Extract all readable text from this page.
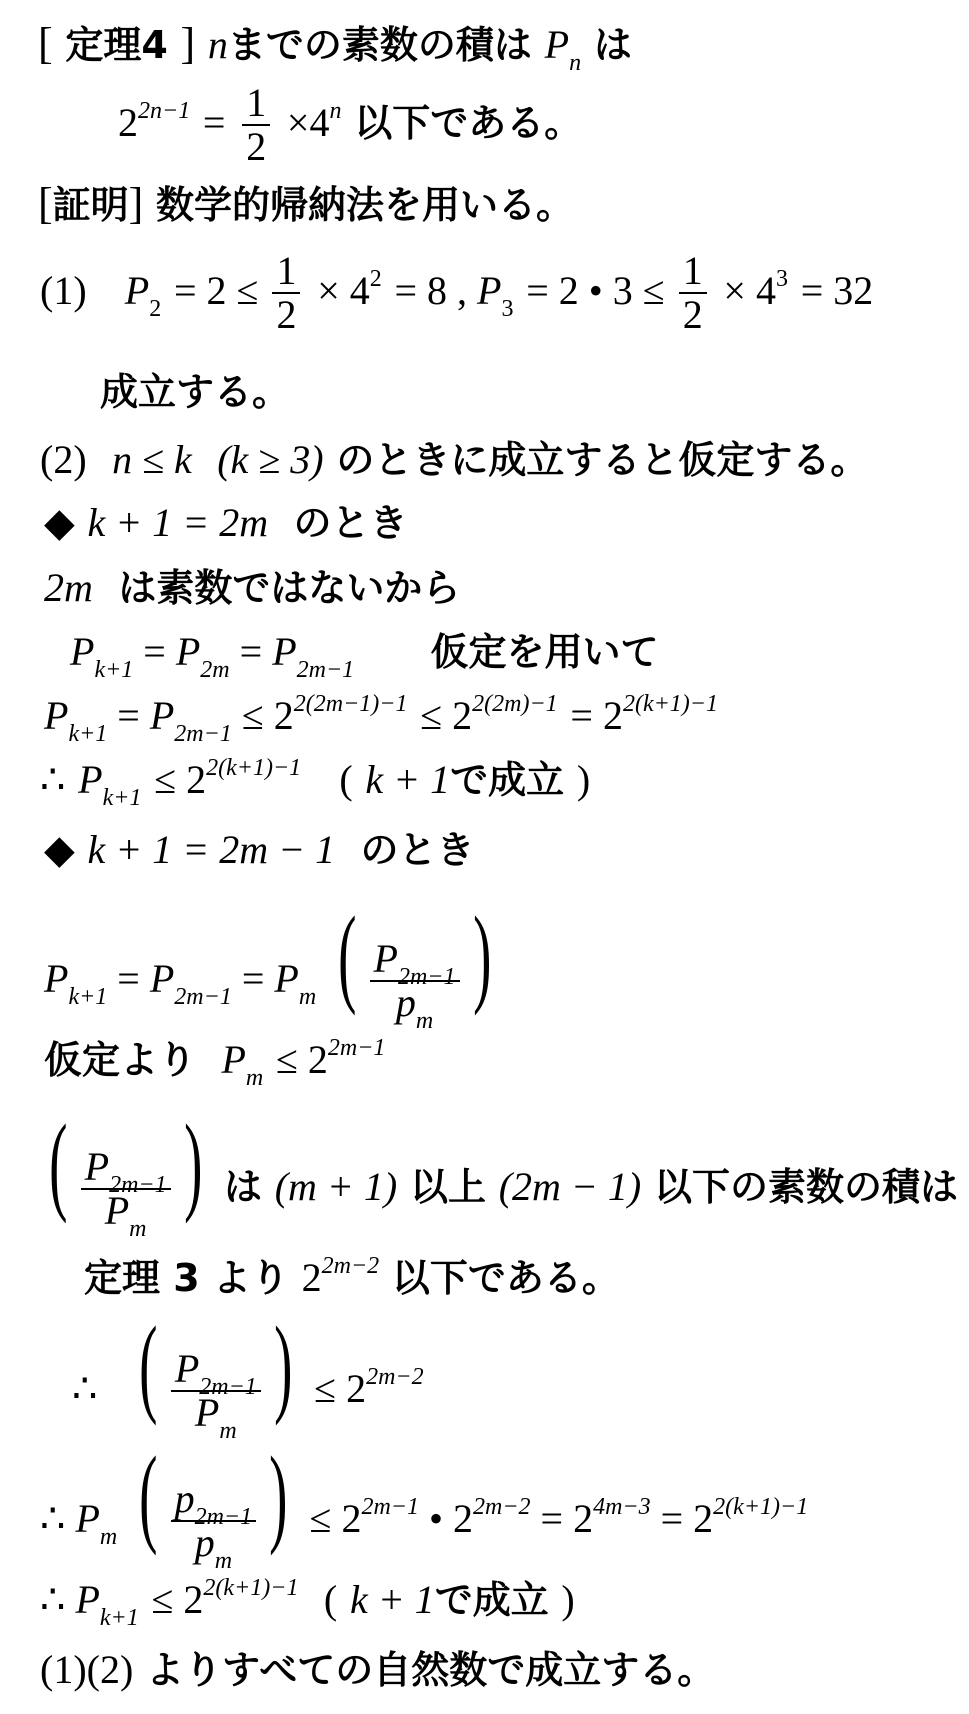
[ 定理4 ] nまでの素数の積は $P_n$ は
$2^{2n-1} = \frac{1}{2} \times 4^n$ 以下である。
[証明] 数学的帰納法を用いる。
(1) $P_2 = 2 \le \frac{1}{2} \times 4^2 = 8$ , $P_3 = 2$ • $3 \le \frac{1}{2} \times 4^3 = 32$
成立する。
(2) n ≤ k (k ≥ 3) のときに成立すると仮定する。
◆ k + 1 = 2m のとき
2m は素数ではないから
$P_{k+1} = P_{2m} = P_{2m-1}$ 仮定を用いて
$P_{k+1} = P_{2m-1} \le 2^{2(2m-1)-1} \le 2^{2(2m)-1} = 2^{2(k+1)-1}$
∴ $P_{k+1} \le 2^{2(k+1)-1}$ ( k + 1で成立 )
◆ k + 1 = 2m − 1 のとき
$P_{k+1} = P_{2m-1} = P_m$ ( $\frac{P_{2m-1}}{p_m}$ )
仮定より $P_m \le 2^{2m-1}$
( $\frac{P_{2m-1}}{P_m}$ ) は (m + 1) 以上 (2m − 1) 以下の素数の積は
定理 3 より $2^{2m-2}$ 以下である。
∴   ( $\frac{P_{2m-1}}{P_m}$ ) ≤ $2^{2m-2}$
∴ $P_m$ ( $\frac{p_{2m-1}}{p_m}$ ) ≤ $2^{2m-1}$ • $2^{2m-2} = 2^{4m-3} = 2^{2(k+1)-1}$
∴ $P_{k+1} \le 2^{2(k+1)-1}$ ( k + 1で成立 )
(1)(2) よりすべての自然数で成立する。
